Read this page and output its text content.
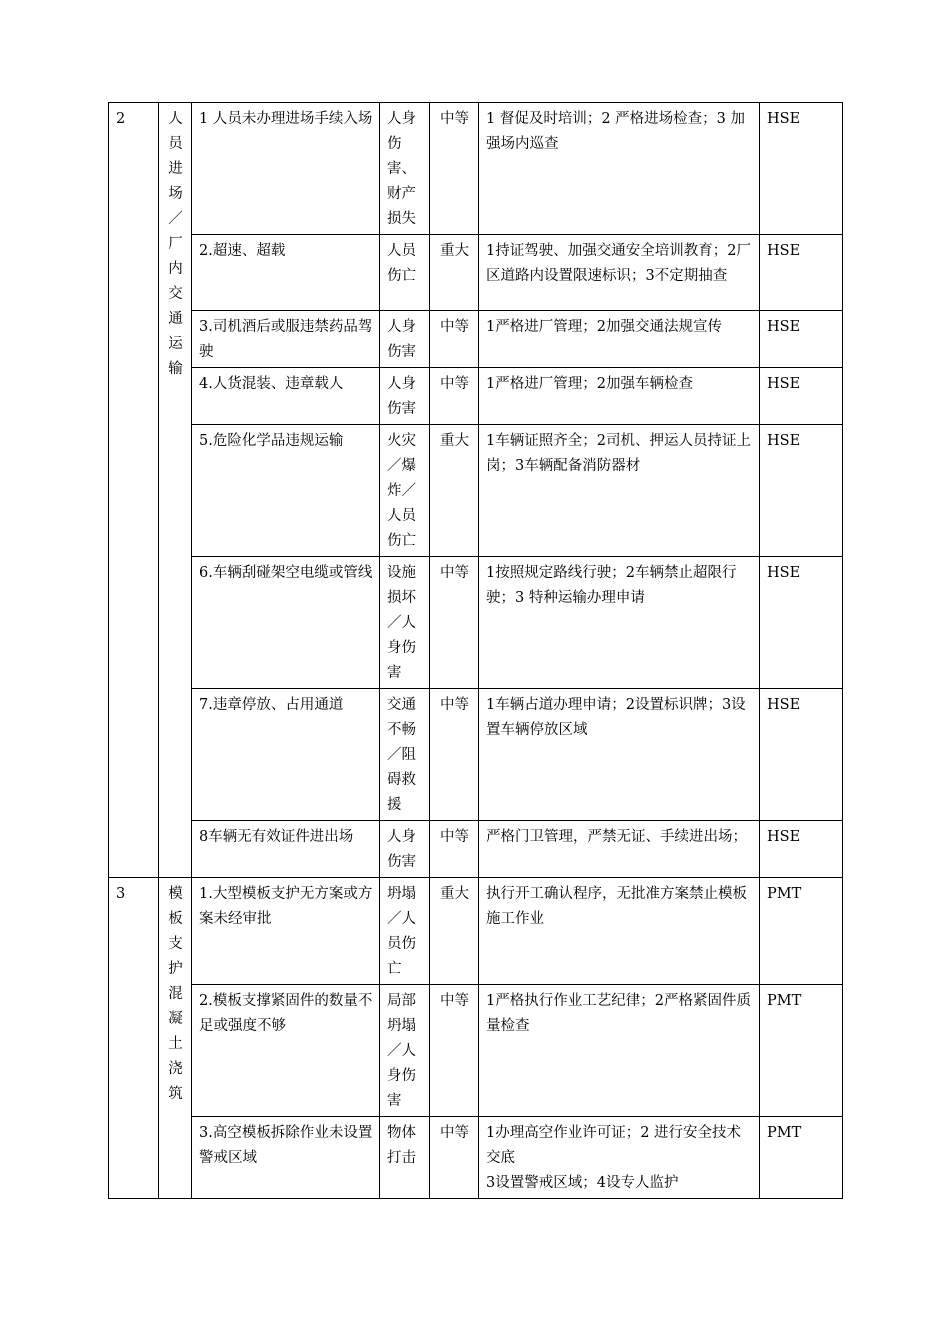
2	人员进场／厂内交通运输	1 人员未办理进场手续入场	人身伤害、财产损失	中等	1 督促及时培训；2 严格进场检查；3 加强场内巡查	HSE
		2.超速、超载	人员伤亡	重大	1持证驾驶、加强交通安全培训教育；2厂区道路内设置限速标识；3不定期抽查	HSE
		3.司机酒后或服违禁药品驾驶	人身伤害	中等	1严格进厂管理；2加强交通法规宣传	HSE
		4.人货混装、违章载人	人身伤害	中等	1严格进厂管理；2加强车辆检查	HSE
		5.危险化学品违规运输	火灾／爆炸／人员伤亡	重大	1车辆证照齐全；2司机、押运人员持证上岗；3车辆配备消防器材	HSE
		6.车辆刮碰架空电缆或管线	设施损坏／人身伤害	中等	1按照规定路线行驶；2车辆禁止超限行驶；3 特种运输办理申请	HSE
		7.违章停放、占用通道	交通不畅／阻碍救援	中等	1车辆占道办理申请；2设置标识牌；3设置车辆停放区域	HSE
		8车辆无有效证件进出场	人身伤害	中等	严格门卫管理，严禁无证、手续进出场；	HSE
3	模板支护混凝土浇筑	1.大型模板支护无方案或方案未经审批	坍塌／人员伤亡	重大	执行开工确认程序，无批准方案禁止模板施工作业	PMT
		2.模板支撑紧固件的数量不足或强度不够	局部坍塌／人身伤害	中等	1严格执行作业工艺纪律；2严格紧固件质量检查	PMT
		3.高空模板拆除作业未设置警戒区域	物体打击	中等	1办理高空作业许可证；2 进行安全技术交底
3设置警戒区域；4设专人监护	PMT
